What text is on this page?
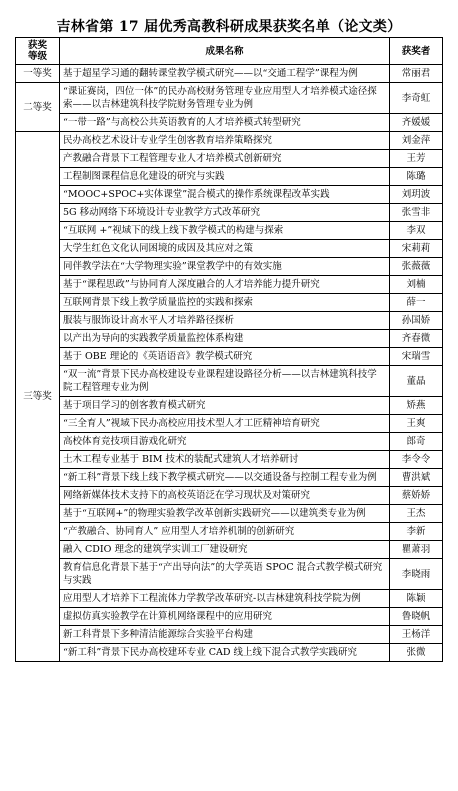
吉林省第 17 届优秀高教科研成果获奖名单（论文类）
获奖
等级	成果名称	获奖者
一等奖	基于超星学习通的翻转课堂教学模式研究——以“交通工程学”课程为例	常丽君
二等奖	“课证赛岗，四位一体”的民办高校财务管理专业应用型人才培养模式途径探索——以吉林建筑科技学院财务管理专业为例	李奇虹
	“一带一路”与高校公共英语教育的人才培养模式转型研究	齐媛媛
三等奖	民办高校艺术设计专业学生创客教育培养策略探究	刘金萍
	产教融合背景下工程管理专业人才培养模式创新研究	王芳
	工程制图课程信息化建设的研究与实践	陈璐
	“MOOC+SPOC+实体课堂”混合模式的操作系统课程改革实践	刘玥波
	5G 移动网络下环境设计专业教学方式改革研究	张雪非
	“互联网 +”视域下的线上线下教学模式的构建与探索	李双
	大学生红色文化认同困境的成因及其应对之策	宋莉莉
	同伴教学法在“大学物理实验”课堂教学中的有效实施	张薇薇
	基于“课程思政”与协同育人深度融合的人才培养能力提升研究	刘楠
	互联网背景下线上教学质量监控的实践和探索	薛一
	服装与服饰设计高水平人才培养路径探析	孙国娇
	以产出为导向的实践教学质量监控体系构建	齐春微
	基于 OBE 理论的《英语语音》教学模式研究	宋瑞雪
	“双一流”背景下民办高校建设专业课程建设路径分析——以吉林建筑科技学院工程管理专业为例	董晶
	基于项目学习的创客教育模式研究	矫燕
	“三全育人”视域下民办高校应用技术型人才工匠精神培育研究	王爽
	高校体育竞技项目游戏化研究	郎奇
	土木工程专业基于 BIM 技术的装配式建筑人才培养研讨	李令令
	“新工科”背景下线上线下教学模式研究——以交通设备与控制工程专业为例	曹洪斌
	网络新媒体技术支持下的高校英语泛在学习现状及对策研究	蔡娇娇
	基于“互联网+”的物理实验教学改革创新实践研究——以建筑类专业为例	王杰
	“产教融合、协同育人” 应用型人才培养机制的创新研究	李新
	融入 CDIO 理念的建筑学实训工厂建设研究	瞿萧羽
	教育信息化背景下基于“产出导向法”的大学英语 SPOC 混合式教学模式研究与实践	李晓雨
	应用型人才培养下工程流体力学教学改革研究-以吉林建筑科技学院为例	陈颖
	虚拟仿真实验教学在计算机网络课程中的应用研究	鲁晓帆
	新工科背景下多种清洁能源综合实验平台构建	王杨洋
	“新工科”背景下民办高校建环专业 CAD 线上线下混合式教学实践研究	张微
